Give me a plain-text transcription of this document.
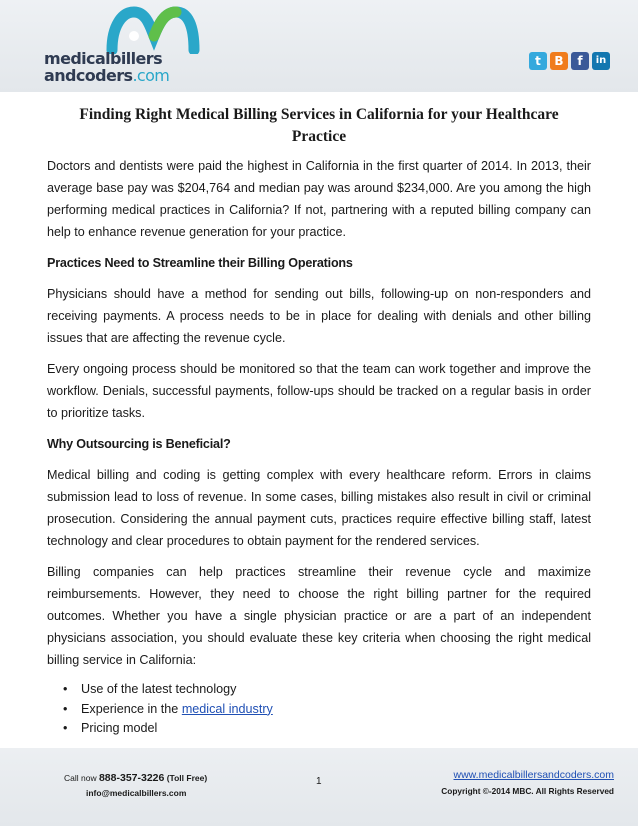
medicalbillers
andcoders.com
t	B	f	in
Finding Right Medical Billing Services in California for your Healthcare Practice

Doctors and dentists were paid the highest in California in the first quarter of 2014. In 2013, their average base pay was $204,764 and median pay was around $234,000. Are you among the high performing medical practices in California? If not, partnering with a reputed billing company can help to enhance revenue generation for your practice.

Practices Need to Streamline their Billing Operations

Physicians should have a method for sending out bills, following-up on non-responders and receiving payments. A process needs to be in place for dealing with denials and other billing issues that are affecting the revenue cycle.

Every ongoing process should be monitored so that the team can work together and improve the workflow. Denials, successful payments, follow-ups should be tracked on a regular basis in order to prioritize tasks.

Why Outsourcing is Beneficial?

Medical billing and coding is getting complex with every healthcare reform. Errors in claims submission lead to loss of revenue. In some cases, billing mistakes also result in civil or criminal prosecution. Considering the annual payment cuts, practices require effective billing staff, latest technology and clear procedures to obtain payment for the rendered services.

Billing companies can help practices streamline their revenue cycle and maximize reimbursements. However, they need to choose the right billing partner for the required outcomes. Whether you have a single physician practice or are a part of an independent physicians association, you should evaluate these key criteria when choosing the right medical billing service in California:

• Use of the latest technology
• Experience in the medical industry
• Pricing model
Call now 888-357-3226 (Toll Free)
info@medicalbillers.com
1
www.medicalbillersandcoders.com
Copyright ©-2014 MBC. All Rights Reserved
